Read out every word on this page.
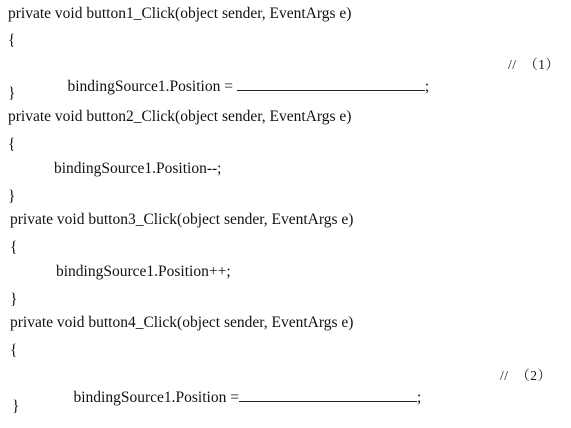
private void button1_Click(object sender, EventArgs e)
{

bindingSource1.Position =	;

//  （1）
}
private void button2_Click(object sender, EventArgs e)
{
bindingSource1.Position--;
}
private void button3_Click(object sender, EventArgs e)
{
bindingSource1.Position++;
}
private void button4_Click(object sender, EventArgs e)
{

bindingSource1.Position =	;

//  （2）
}
